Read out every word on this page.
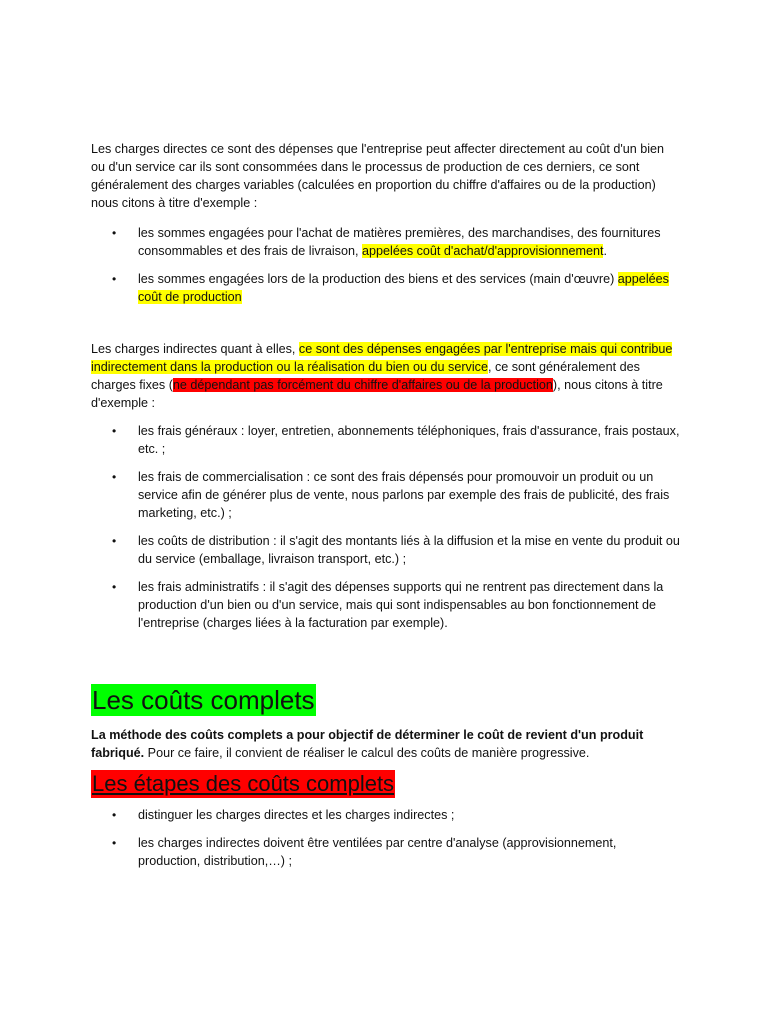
Les charges directes ce sont des dépenses que l'entreprise peut affecter directement au coût d'un bien ou d'un service car ils sont consommées dans le processus de production de ces derniers, ce sont généralement des charges variables (calculées en proportion du chiffre d'affaires ou de la production) nous citons à titre d'exemple :

• les sommes engagées pour l'achat de matières premières, des marchandises, des fournitures consommables et des frais de livraison, appelées coût d'achat/d'approvisionnement.
• les sommes engagées lors de la production des biens et des services (main d'œuvre) appelées coût de production

Les charges indirectes quant à elles, ce sont des dépenses engagées par l'entreprise mais qui contribue indirectement dans la production ou la réalisation du bien ou du service, ce sont généralement des charges fixes (ne dépendant pas forcément du chiffre d'affaires ou de la production), nous citons à titre d'exemple :

• les frais généraux : loyer, entretien, abonnements téléphoniques, frais d'assurance, frais postaux, etc. ;
• les frais de commercialisation : ce sont des frais dépensés pour promouvoir un produit ou un service afin de générer plus de vente, nous parlons par exemple des frais de publicité, des frais marketing, etc.) ;
• les coûts de distribution : il s'agit des montants liés à la diffusion et la mise en vente du produit ou du service (emballage, livraison transport, etc.) ;
• les frais administratifs : il s'agit des dépenses supports qui ne rentrent pas directement dans la production d'un bien ou d'un service, mais qui sont indispensables au bon fonctionnement de l'entreprise (charges liées à la facturation par exemple).
Les coûts complets

La méthode des coûts complets a pour objectif de déterminer le coût de revient d'un produit fabriqué. Pour ce faire, il convient de réaliser le calcul des coûts de manière progressive.

Les étapes des coûts complets
• distinguer les charges directes et les charges indirectes ;
• les charges indirectes doivent être ventilées par centre d'analyse (approvisionnement, production, distribution,…) ;
